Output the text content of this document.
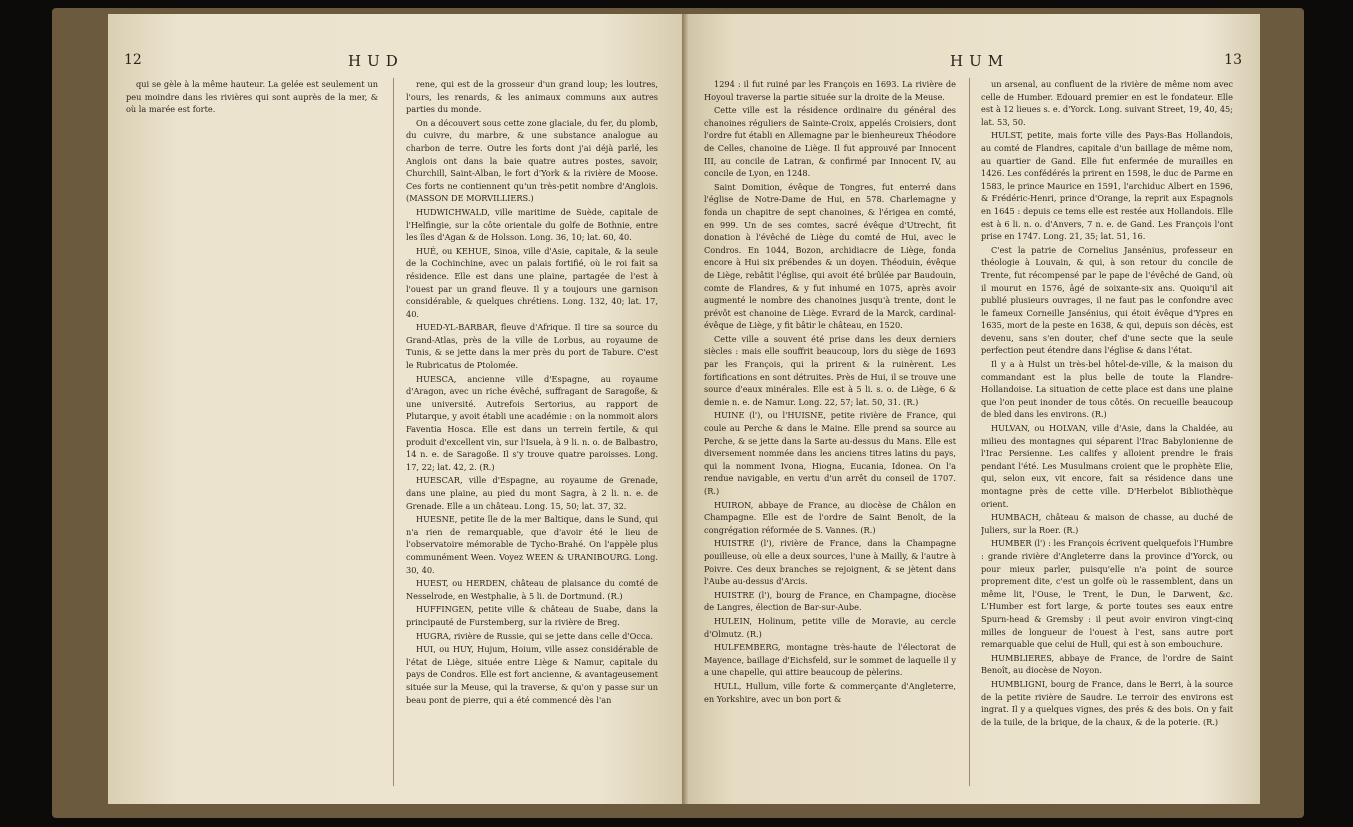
12	HUD

qui se gèle à la même hauteur. La gelée est seulement un peu moindre dans les rivières qui sont auprès de la mer, & où la marée est forte.

rene, qui est de la grosseur d'un grand loup; les loutres, l'ours, les renards, & les animaux communs aux autres parties du monde.

On a découvert sous cette zone glaciale, du fer, du plomb, du cuivre, du marbre, & une substance analogue au charbon de terre. Outre les forts dont j'ai déjà parlé, les Anglois ont dans la baie quatre autres postes, savoir, Churchill, Saint-Alban, le fort d'York & la rivière de Moose. Ces forts ne contiennent qu'un très-petit nombre d'Anglois. (MASSON DE MORVILLIERS.)

HUDWICHWALD, ville maritime de Suède, capitale de l'Helfingie, sur la côte orientale du golfe de Bothnie, entre les îles d'Agan & de Holsson. Long. 36, 10; lat. 60, 40.

HUÉ, ou KEHUE, Sinoa, ville d'Asie, capitale, & la seule de la Cochinchine, avec un palais fortifié, où le roi fait sa résidence. Elle est dans une plaine, partagée de l'est à l'ouest par un grand fleuve. Il y a toujours une garnison considérable, & quelques chrétiens. Long. 132, 40; lat. 17, 40.

HUED-YL-BARBAR, fleuve d'Afrique. Il tire sa source du Grand-Atlas, près de la ville de Lorbus, au royaume de Tunis, & se jette dans la mer près du port de Tabure. C'est le Rubricatus de Ptolomée.

HUESCA, ancienne ville d'Espagne, au royaume d'Aragon, avec un riche évêché, suffragant de Saragoße, & une université. Autrefois Sertorius, au rapport de Plutarque, y avoit établi une académie : on la nommoit alors Faventia Hosca. Elle est dans un terrein fertile, & qui produit d'excellent vin, sur l'Isuela, à 9 li. n. o. de Balbastro, 14 n. e. de Saragoße. Il s'y trouve quatre paroisses. Long. 17, 22; lat. 42, 2. (R.)

HUESCAR, ville d'Espagne, au royaume de Grenade, dans une plaine, au pied du mont Sagra, à 2 li. n. e. de Grenade. Elle a un château. Long. 15, 50; lat. 37, 32.

HUESNE, petite île de la mer Baltique, dans le Sund, qui n'a rien de remarquable, que d'avoir été le lieu de l'observatoire mémorable de Tycho-Brahé. On l'appèle plus communément Ween. Voyez WEEN & URANIBOURG. Long. 30, 40.

HUEST, ou HERDEN, château de plaisance du comté de Nesselrode, en Westphalie, à 5 li. de Dortmund. (R.)

HUFFINGEN, petite ville & château de Suabe, dans la principauté de Furstemberg, sur la rivière de Breg.

HUGRA, rivière de Russie, qui se jette dans celle d'Occa.

HUI, ou HUY, Hujum, Hoium, ville assez considérable de l'état de Liège, située entre Liège & Namur, capitale du pays de Condros. Elle est fort ancienne, & avantageusement située sur la Meuse, qui la traverse, & qu'on y passe sur un beau pont de pierre, qui a été commencé dès l'an

HUM	13

1294 : il fut ruiné par les François en 1693. La rivière de Hoyoul traverse la partie située sur la droite de la Meuse.

Cette ville est la résidence ordinaire du général des chanoines réguliers de Sainte-Croix, appelés Croisiers, dont l'ordre fut établi en Allemagne par le bienheureux Théodore de Celles, chanoine de Liège. Il fut approuvé par Innocent III, au concile de Latran, & confirmé par Innocent IV, au concile de Lyon, en 1248.

Saint Domition, évêque de Tongres, fut enterré dans l'église de Notre-Dame de Hui, en 578. Charlemagne y fonda un chapitre de sept chanoines, & l'érigea en comté, en 999. Un de ses comtes, sacré évêque d'Utrecht, fit donation à l'évêché de Liège du comté de Hui, avec le Condros. En 1044, Bozon, archidiacre de Liège, fonda encore à Hui six prébendes & un doyen. Théoduin, évêque de Liège, rebâtit l'église, qui avoit été brûlée par Baudouin, comte de Flandres, & y fut inhumé en 1075, après avoir augmenté le nombre des chanoines jusqu'à trente, dont le prévôt est chanoine de Liège. Evrard de la Marck, cardinal-évêque de Liège, y fit bâtir le château, en 1520.

Cette ville a souvent été prise dans les deux derniers siècles : mais elle souffrit beaucoup, lors du siège de 1693 par les François, qui la prirent & la ruinèrent. Les fortifications en sont détruites. Près de Hui, il se trouve une source d'eaux minérales. Elle est à 5 li. s. o. de Liège, 6 & demie n. e. de Namur. Long. 22, 57; lat. 50, 31. (R.)

HUINE (l'), ou l'HUISNE, petite rivière de France, qui coule au Perche & dans le Maine. Elle prend sa source au Perche, & se jette dans la Sarte au-dessus du Mans. Elle est diversement nommée dans les anciens titres latins du pays, qui la nomment Ivona, Hiogna, Eucania, Idonea. On l'a rendue navigable, en vertu d'un arrêt du conseil de 1707. (R.)

HUIRON, abbaye de France, au diocèse de Châlon en Champagne. Elle est de l'ordre de Saint Benoît, de la congrégation réformée de S. Vannes. (R.)

HUISTRE (l'), rivière de France, dans la Champagne pouilleuse, où elle a deux sources, l'une à Mailly, & l'autre à Poivre. Ces deux branches se rejoignent, & se jètent dans l'Aube au-dessus d'Arcis.

HUISTRE (l'), bourg de France, en Champagne, diocèse de Langres, élection de Bar-sur-Aube.

HULEIN, Holinum, petite ville de Moravie, au cercle d'Olmutz. (R.)

HULFEMBERG, montagne très-haute de l'électorat de Mayence, baillage d'Eichsfeld, sur le sommet de laquelle il y a une chapelle, qui attire beaucoup de pèlerins.

HULL, Hullum, ville forte & commerçante d'Angleterre, en Yorkshire, avec un bon port &

un arsenal, au confluent de la rivière de même nom avec celle de Humber. Edouard premier en est le fondateur. Elle est à 12 lieues s. e. d'Yorck. Long. suivant Street, 19, 40, 45; lat. 53, 50.

HULST, petite, mais forte ville des Pays-Bas Hollandois, au comté de Flandres, capitale d'un baillage de même nom, au quartier de Gand. Elle fut enfermée de murailles en 1426. Les confédérés la prirent en 1598, le duc de Parme en 1583, le prince Maurice en 1591, l'archiduc Albert en 1596, & Frédéric-Henri, prince d'Orange, la reprit aux Espagnols en 1645 : depuis ce tems elle est restée aux Hollandois. Elle est à 6 li. n. o. d'Anvers, 7 n. e. de Gand. Les François l'ont prise en 1747. Long. 21, 35; lat. 51, 16.

C'est la patrie de Cornelius Jansénius, professeur en théologie à Louvain, & qui, à son retour du concile de Trente, fut récompensé par le pape de l'évêché de Gand, où il mourut en 1576, âgé de soixante-six ans. Quoiqu'il ait publié plusieurs ouvrages, il ne faut pas le confondre avec le fameux Corneille Jansénius, qui étoit évêque d'Ypres en 1635, mort de la peste en 1638, & qui, depuis son décès, est devenu, sans s'en douter, chef d'une secte que la seule perfection peut étendre dans l'église & dans l'état.

Il y a à Hulst un très-bel hôtel-de-ville, & la maison du commandant est la plus belle de toute la Flandre-Hollandoise. La situation de cette place est dans une plaine que l'on peut inonder de tous côtés. On recueille beaucoup de bled dans les environs. (R.)

HULVAN, ou HOLVAN, ville d'Asie, dans la Chaldée, au milieu des montagnes qui séparent l'Irac Babylonienne de l'Irac Persienne. Les califes y alloient prendre le frais pendant l'été. Les Musulmans croient que le prophète Elie, qui, selon eux, vit encore, fait sa résidence dans une montagne près de cette ville. D'Herbelot Bibliothèque orient.

HUMBACH, château & maison de chasse, au duché de Juliers, sur la Roer. (R.)

HUMBER (l') : les François écrivent quelquefois l'Humbre : grande rivière d'Angleterre dans la province d'Yorck, ou pour mieux parler, puisqu'elle n'a point de source proprement dite, c'est un golfe où le rassemblent, dans un même lit, l'Ouse, le Trent, le Dun, le Darwent, &c. L'Humber est fort large, & porte toutes ses eaux entre Spurn-head & Gremsby : il peut avoir environ vingt-cinq milles de longueur de l'ouest à l'est, sans autre port remarquable que celui de Hull, qui est à son embouchure.

HUMBLIERES, abbaye de France, de l'ordre de Saint Benoît, au diocèse de Noyon.

HUMBLIGNI, bourg de France, dans le Berri, à la source de la petite rivière de Saudre. Le terroir des environs est ingrat. Il y a quelques vignes, des prés & des bois. On y fait de la tuile, de la brique, de la chaux, & de la poterie. (R.)
